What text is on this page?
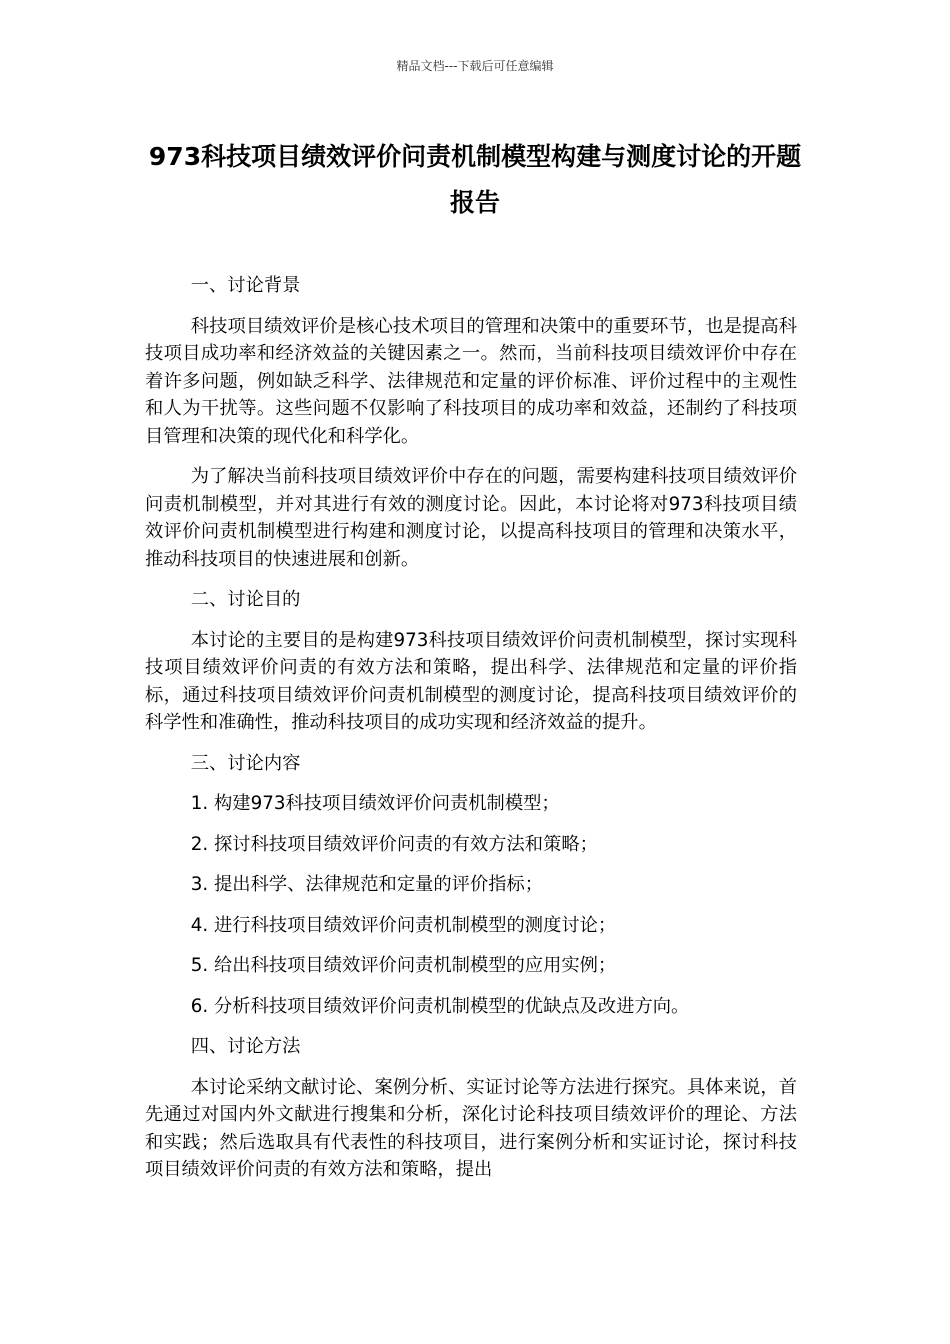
精品文档---下载后可任意编辑
973科技项目绩效评价问责机制模型构建与测度讨论的开题报告

一、讨论背景

科技项目绩效评价是核心技术项目的管理和决策中的重要环节，也是提高科技项目成功率和经济效益的关键因素之一。然而，当前科技项目绩效评价中存在着许多问题，例如缺乏科学、法律规范和定量的评价标准、评价过程中的主观性和人为干扰等。这些问题不仅影响了科技项目的成功率和效益，还制约了科技项目管理和决策的现代化和科学化。

为了解决当前科技项目绩效评价中存在的问题，需要构建科技项目绩效评价问责机制模型，并对其进行有效的测度讨论。因此，本讨论将对973科技项目绩效评价问责机制模型进行构建和测度讨论，以提高科技项目的管理和决策水平，推动科技项目的快速进展和创新。

二、讨论目的

本讨论的主要目的是构建973科技项目绩效评价问责机制模型，探讨实现科技项目绩效评价问责的有效方法和策略，提出科学、法律规范和定量的评价指标，通过科技项目绩效评价问责机制模型的测度讨论，提高科技项目绩效评价的科学性和准确性，推动科技项目的成功实现和经济效益的提升。

三、讨论内容

1. 构建973科技项目绩效评价问责机制模型；

2. 探讨科技项目绩效评价问责的有效方法和策略；

3. 提出科学、法律规范和定量的评价指标；

4. 进行科技项目绩效评价问责机制模型的测度讨论；

5. 给出科技项目绩效评价问责机制模型的应用实例；

6. 分析科技项目绩效评价问责机制模型的优缺点及改进方向。

四、讨论方法

本讨论采纳文献讨论、案例分析、实证讨论等方法进行探究。具体来说，首先通过对国内外文献进行搜集和分析，深化讨论科技项目绩效评价的理论、方法和实践；然后选取具有代表性的科技项目，进行案例分析和实证讨论，探讨科技项目绩效评价问责的有效方法和策略，提出
